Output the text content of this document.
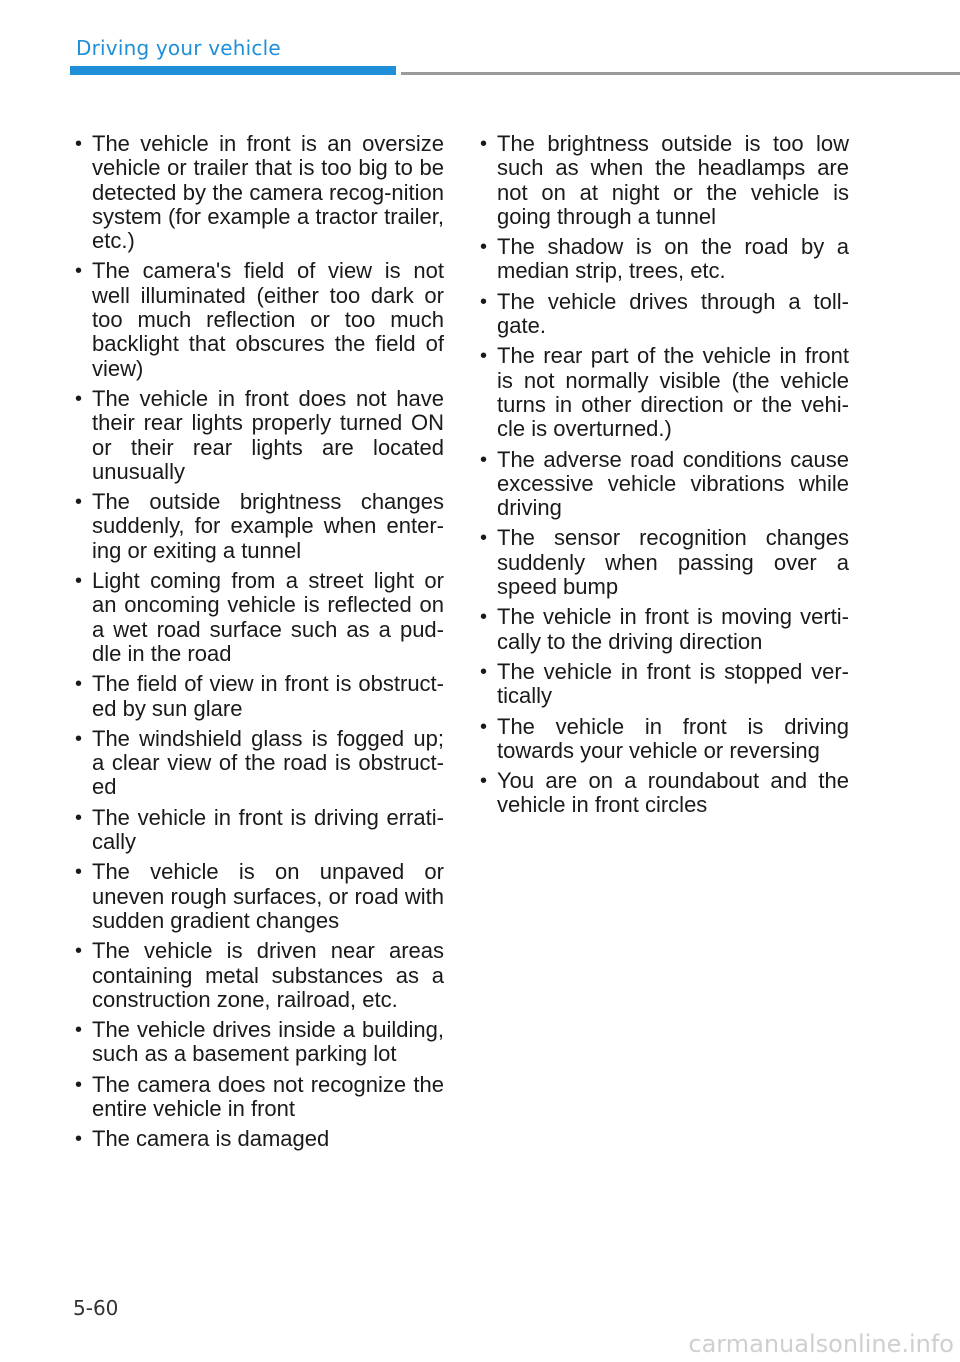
Driving your vehicle
• The vehicle in front is an oversize vehicle or trailer that is too big to be detected by the camera recog-nition system (for example a tractor trailer, etc.)
• The camera's field of view is not well illuminated (either too dark or too much reflection or too much backlight that obscures the field of view)
• The vehicle in front does not have their rear lights properly turned ON or their rear lights are located unusually
• The outside brightness changes suddenly, for example when enter-ing or exiting a tunnel
• Light coming from a street light or an oncoming vehicle is reflected on a wet road surface such as a pud-dle in the road
• The field of view in front is obstruct-ed by sun glare
• The windshield glass is fogged up; a clear view of the road is obstruct-ed
• The vehicle in front is driving errati-cally
• The vehicle is on unpaved or uneven rough surfaces, or road with sudden gradient changes
• The vehicle is driven near areas containing metal substances as a construction zone, railroad, etc.
• The vehicle drives inside a building, such as a basement parking lot
• The camera does not recognize the entire vehicle in front
• The camera is damaged
• The brightness outside is too low such as when the headlamps are not on at night or the vehicle is going through a tunnel
• The shadow is on the road by a median strip, trees, etc.
• The vehicle drives through a toll-gate.
• The rear part of the vehicle in front is not normally visible (the vehicle turns in other direction or the vehi-cle is overturned.)
• The adverse road conditions cause excessive vehicle vibrations while driving
• The sensor recognition changes suddenly when passing over a speed bump
• The vehicle in front is moving verti-cally to the driving direction
• The vehicle in front is stopped ver-tically
• The vehicle in front is driving towards your vehicle or reversing
• You are on a roundabout and the vehicle in front circles
5-60
carmanualsonline.info
